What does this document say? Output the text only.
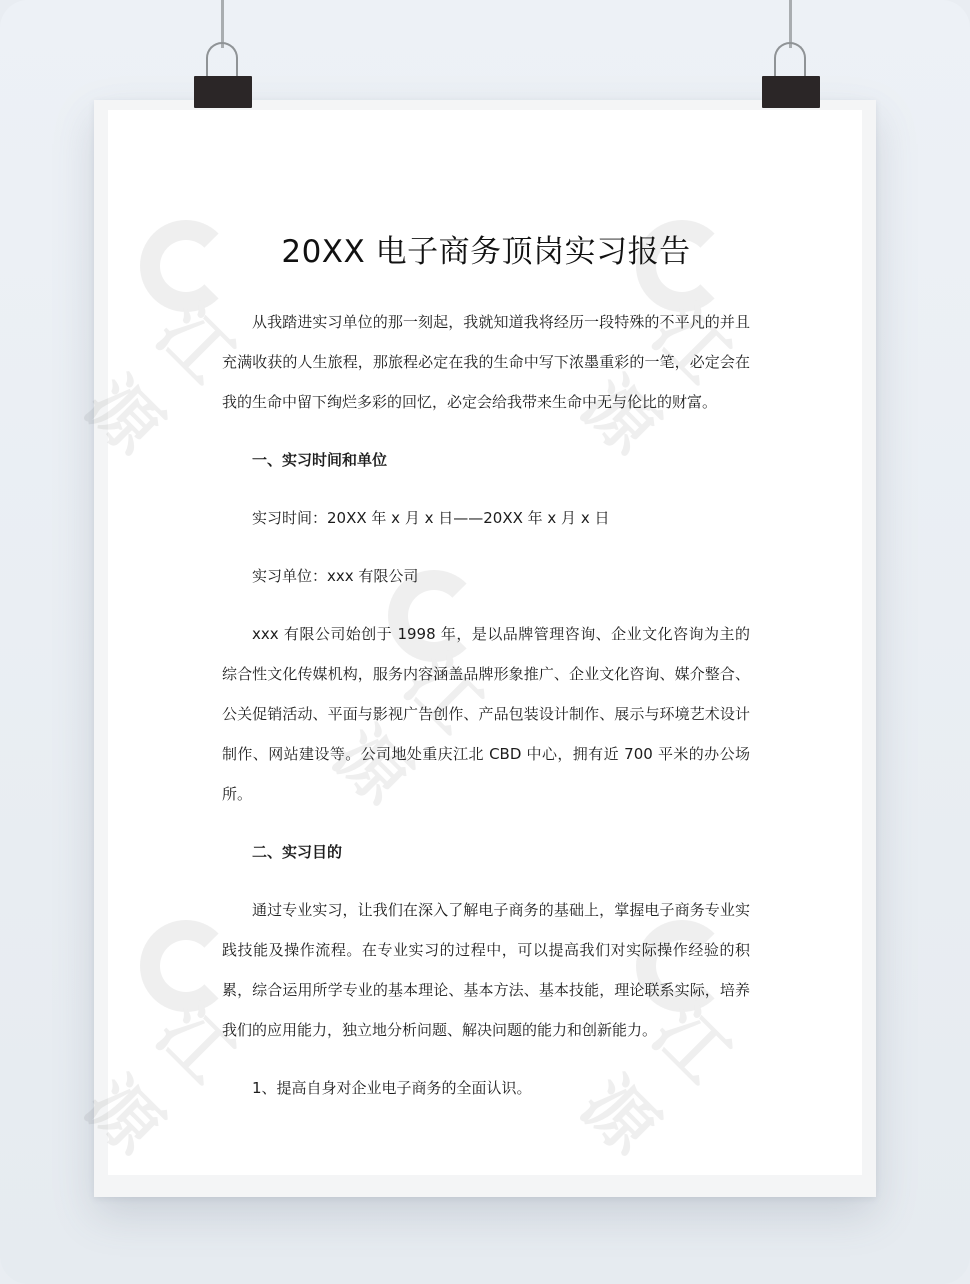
江源
江源
江源
江源
江源
20XX 电子商务顶岗实习报告

从我踏进实习单位的那一刻起，我就知道我将经历一段特殊的不平凡的并且充满收获的人生旅程，那旅程必定在我的生命中写下浓墨重彩的一笔，必定会在我的生命中留下绚烂多彩的回忆，必定会给我带来生命中无与伦比的财富。

一、实习时间和单位

实习时间：20XX 年 x 月 x 日——20XX 年 x 月 x 日

实习单位：xxx 有限公司

xxx 有限公司始创于 1998 年，是以品牌管理咨询、企业文化咨询为主的综合性文化传媒机构，服务内容涵盖品牌形象推广、企业文化咨询、媒介整合、公关促销活动、平面与影视广告创作、产品包装设计制作、展示与环境艺术设计制作、网站建设等。公司地处重庆江北 CBD 中心，拥有近 700 平米的办公场所。

二、实习目的

通过专业实习，让我们在深入了解电子商务的基础上，掌握电子商务专业实践技能及操作流程。在专业实习的过程中，可以提高我们对实际操作经验的积累，综合运用所学专业的基本理论、基本方法、基本技能，理论联系实际，培养我们的应用能力，独立地分析问题、解决问题的能力和创新能力。

1、提高自身对企业电子商务的全面认识。
